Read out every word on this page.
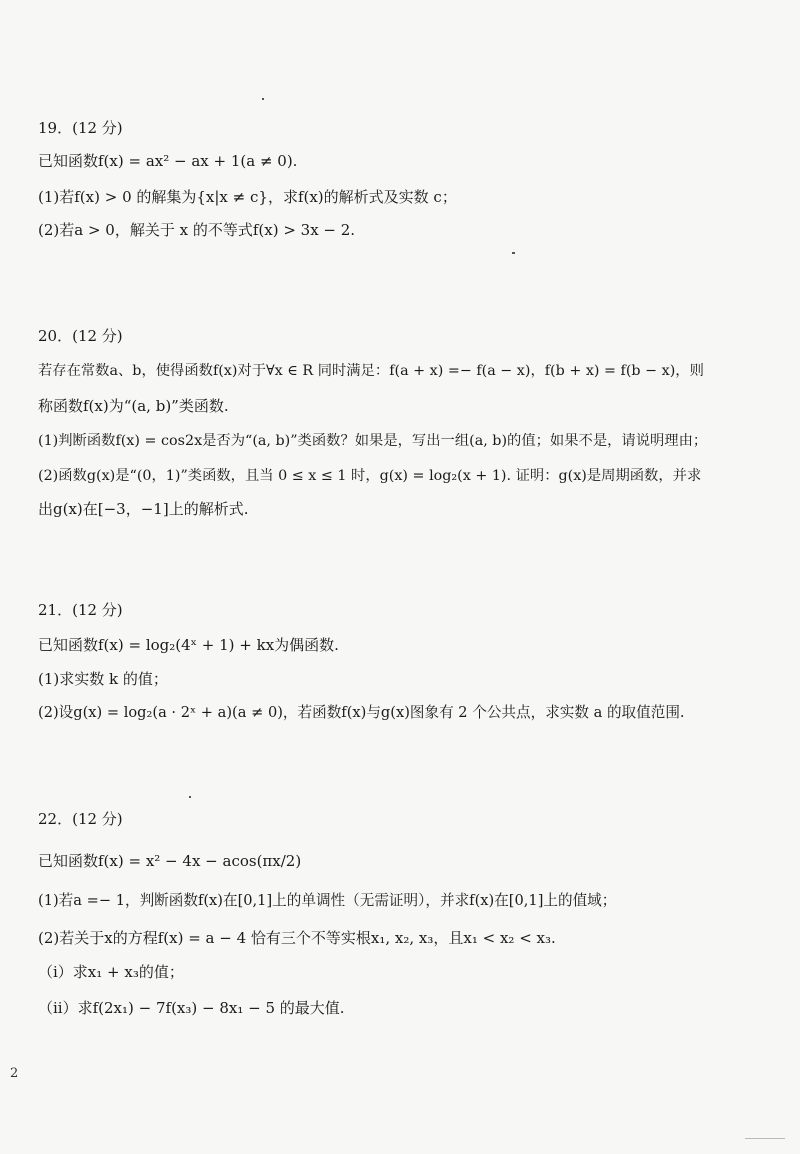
19．(12 分)
已知函数f(x) = ax² − ax + 1(a ≠ 0).
(1)若f(x) > 0 的解集为{x|x ≠ c}，求f(x)的解析式及实数 c；
(2)若a > 0，解关于 x 的不等式f(x) > 3x − 2.
20．(12 分)
若存在常数a、b，使得函数f(x)对于∀x ∈ R 同时满足：f(a + x) =− f(a − x)，f(b + x) = f(b − x)，则
称函数f(x)为“(a, b)”类函数.
(1)判断函数f(x) = cos2x是否为“(a, b)”类函数？如果是，写出一组(a, b)的值；如果不是，请说明理由；
(2)函数g(x)是“(0，1)”类函数，且当 0 ≤ x ≤ 1 时，g(x) = log₂(x + 1). 证明：g(x)是周期函数，并求
出g(x)在[−3，−1]上的解析式.
21．(12 分)
已知函数f(x) = log₂(4ˣ + 1) + kx为偶函数.
(1)求实数 k 的值；
(2)设g(x) = log₂(a · 2ˣ + a)(a ≠ 0)，若函数f(x)与g(x)图象有 2 个公共点，求实数 a 的取值范围.
22．(12 分)
已知函数f(x) = x² − 4x − acos(πx/2)
(1)若a =− 1，判断函数f(x)在[0,1]上的单调性（无需证明），并求f(x)在[0,1]上的值域；
(2)若关于x的方程f(x) = a − 4 恰有三个不等实根x₁, x₂, x₃，且x₁ < x₂ < x₃.
（i）求x₁ + x₃的值；
（ii）求f(2x₁) − 7f(x₃) − 8x₁ − 5 的最大值.
2
